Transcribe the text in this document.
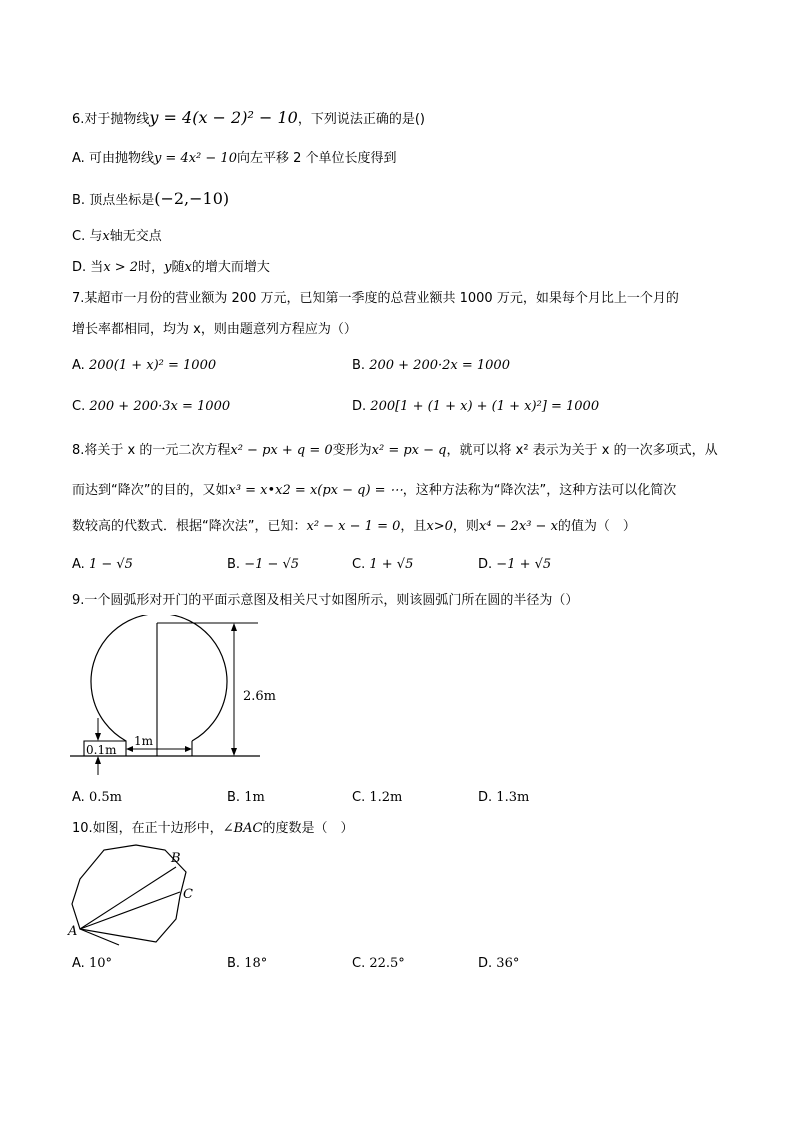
6.对于抛物线y = 4(x − 2)² − 10，下列说法正确的是()
A. 可由抛物线y = 4x² − 10向左平移 2 个单位长度得到
B. 顶点坐标是(−2,−10)
C. 与x轴无交点
D. 当x > 2时，y随x的增大而增大
7.某超市一月份的营业额为 200 万元，已知第一季度的总营业额共 1000 万元，如果每个月比上一个月的
增长率都相同，均为 x，则由题意列方程应为（）
A. 200(1 + x)² = 1000	B. 200 + 200·2x = 1000
C. 200 + 200·3x = 1000	D. 200[1 + (1 + x) + (1 + x)²] = 1000
8.将关于 x 的一元二次方程x² − px + q = 0变形为x² = px − q，就可以将 x² 表示为关于 x 的一次多项式，从
而达到“降次”的目的，又如x³ = x•x2 = x(px − q) = ⋯，这种方法称为“降次法”，这种方法可以化简次
数较高的代数式．根据“降次法”，已知：x² − x − 1 = 0，且x>0，则x⁴ − 2x³ − x的值为（　）
A. 1 − √5	B. −1 − √5	C. 1 + √5	D. −1 + √5
9.一个圆弧形对开门的平面示意图及相关尺寸如图所示，则该圆弧门所在圆的半径为（）
2.6m
1m
0.1m
A. 0.5m	B. 1m	C. 1.2m	D. 1.3m
10.如图，在正十边形中，∠BAC的度数是（　）
A
B
C
A. 10°	B. 18°	C. 22.5°	D. 36°
